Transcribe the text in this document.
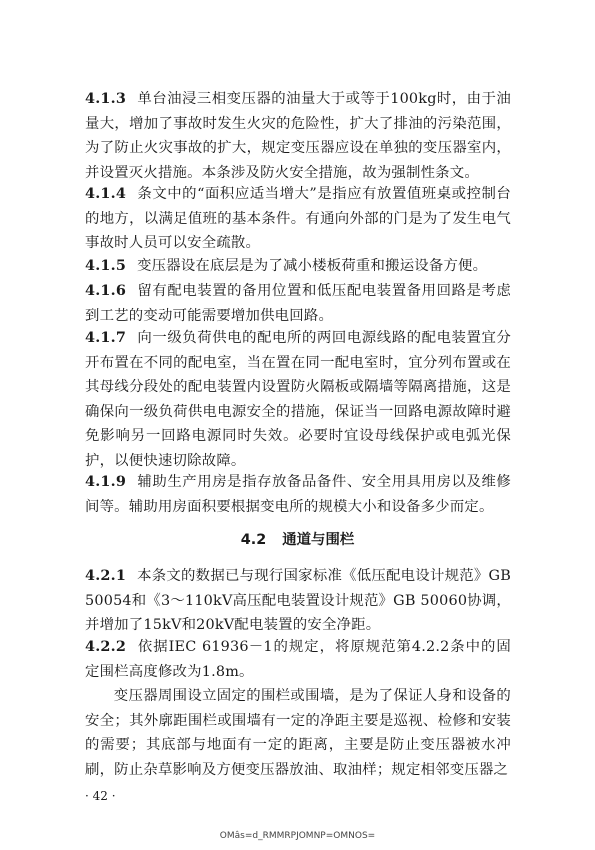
4.1.3 单台油浸三相变压器的油量大于或等于100kg时，由于油量大，增加了事故时发生火灾的危险性，扩大了排油的污染范围，为了防止火灾事故的扩大，规定变压器应设在单独的变压器室内，并设置灭火措施。本条涉及防火安全措施，故为强制性条文。

4.1.4 条文中的“面积应适当增大”是指应有放置值班桌或控制台的地方，以满足值班的基本条件。有通向外部的门是为了发生电气事故时人员可以安全疏散。

4.1.5 变压器设在底层是为了减小楼板荷重和搬运设备方便。

4.1.6 留有配电装置的备用位置和低压配电装置备用回路是考虑到工艺的变动可能需要增加供电回路。

4.1.7 向一级负荷供电的配电所的两回电源线路的配电装置宜分开布置在不同的配电室，当在置在同一配电室时，宜分列布置或在其母线分段处的配电装置内设置防火隔板或隔墙等隔离措施，这是确保向一级负荷供电电源安全的措施，保证当一回路电源故障时避免影响另一回路电源同时失效。必要时宜设母线保护或电弧光保护，以便快速切除故障。

4.1.9 辅助生产用房是指存放备品备件、安全用具用房以及维修间等。辅助用房面积要根据变电所的规模大小和设备多少而定。

4.2 通道与围栏

4.2.1 本条文的数据已与现行国家标准《低压配电设计规范》GB 50054和《3～110kV高压配电装置设计规范》GB 50060协调，并增加了15kV和20kV配电装置的安全净距。

4.2.2 依据IEC 61936－1的规定，将原规范第4.2.2条中的固定围栏高度修改为1.8m。

变压器周围设立固定的围栏或围墙，是为了保证人身和设备的安全；其外廓距围栏或围墙有一定的净距主要是巡视、检修和安装的需要；其底部与地面有一定的距离，主要是防止变压器被水冲刷，防止杂草影响及方便变压器放油、取油样；规定相邻变压器之

· 42 ·
OMâs=d_RMMRPJOMNP=OMNOS=
